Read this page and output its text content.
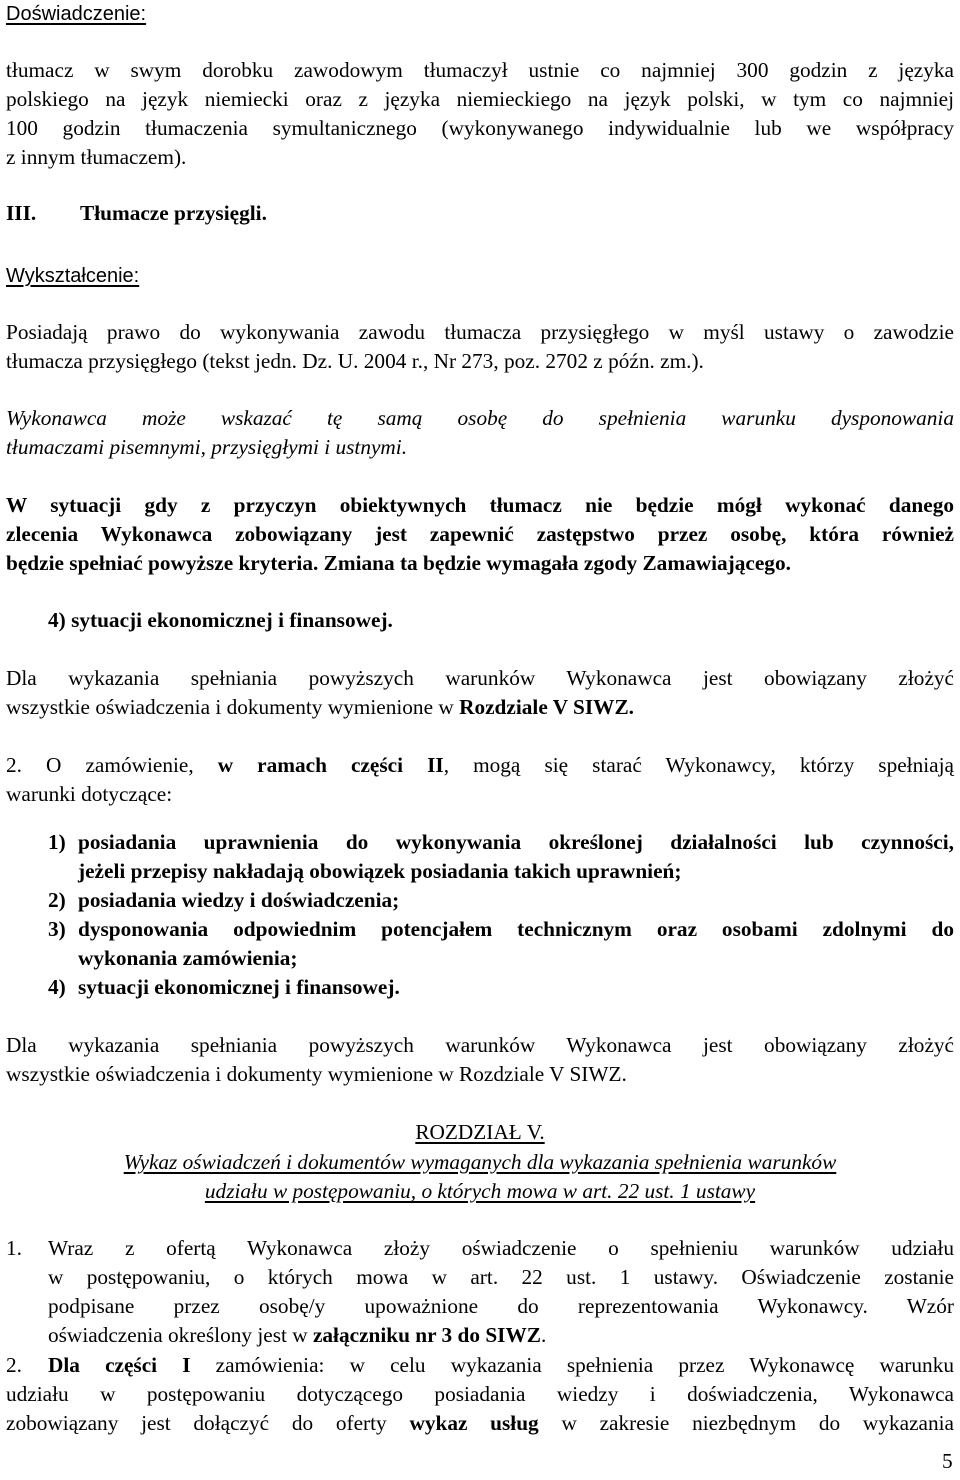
Doświadczenie:
tłumacz w swym dorobku zawodowym tłumaczył ustnie co najmniej 300 godzin z języka
polskiego na język niemiecki oraz z języka niemieckiego na język polski, w tym co najmniej
100 godzin tłumaczenia symultanicznego (wykonywanego indywidualnie lub we współpracy
z innym tłumaczem).
III. Tłumacze przysięgli.
Wykształcenie:
Posiadają prawo do wykonywania zawodu tłumacza przysięgłego w myśl ustawy o zawodzie
tłumacza przysięgłego (tekst jedn. Dz. U. 2004 r., Nr 273, poz. 2702 z późn. zm.).
Wykonawca może wskazać tę samą osobę do spełnienia warunku dysponowania
tłumaczami pisemnymi, przysięgłymi i ustnymi.
W sytuacji gdy z przyczyn obiektywnych tłumacz nie będzie mógł wykonać danego
zlecenia Wykonawca zobowiązany jest zapewnić zastępstwo przez osobę, która również
będzie spełniać powyższe kryteria. Zmiana ta będzie wymagała zgody Zamawiającego.
4) sytuacji ekonomicznej i finansowej.
Dla wykazania spełniania powyższych warunków Wykonawca jest obowiązany złożyć
wszystkie oświadczenia i dokumenty wymienione w Rozdziale V SIWZ.
2. O zamówienie, w ramach części II, mogą się starać Wykonawcy, którzy spełniają
warunki dotyczące:
1) posiadania uprawnienia do wykonywania określonej działalności lub czynności,
jeżeli przepisy nakładają obowiązek posiadania takich uprawnień;
2) posiadania wiedzy i doświadczenia;
3) dysponowania odpowiednim potencjałem technicznym oraz osobami zdolnymi do
wykonania zamówienia;
4) sytuacji ekonomicznej i finansowej.
Dla wykazania spełniania powyższych warunków Wykonawca jest obowiązany złożyć
wszystkie oświadczenia i dokumenty wymienione w Rozdziale V SIWZ.
ROZDZIAŁ V.
Wykaz oświadczeń i dokumentów wymaganych dla wykazania spełnienia warunków
udziału w postępowaniu, o których mowa w art. 22 ust. 1 ustawy
1. Wraz z ofertą Wykonawca złoży oświadczenie o spełnieniu warunków udziału
w postępowaniu, o których mowa w art. 22 ust. 1 ustawy. Oświadczenie zostanie
podpisane przez osobę/y upoważnione do reprezentowania Wykonawcy. Wzór
oświadczenia określony jest w załączniku nr 3 do SIWZ.
2. Dla części I zamówienia: w celu wykazania spełnienia przez Wykonawcę warunku
udziału w postępowaniu dotyczącego posiadania wiedzy i doświadczenia, Wykonawca
zobowiązany jest dołączyć do oferty wykaz usług w zakresie niezbędnym do wykazania
5
